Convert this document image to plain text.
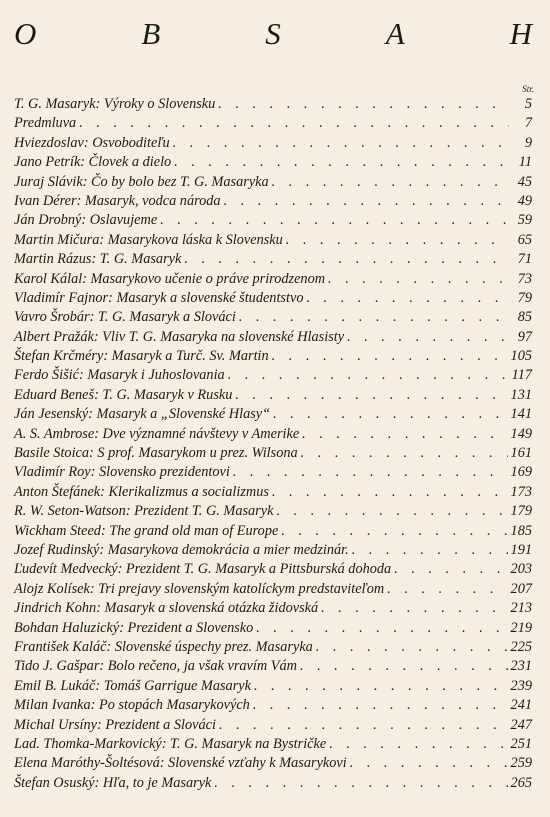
O	B	S	A	H
Str.
T. G. Masaryk: Výroky o Slovensku . . .	5
Predmluva . . .	7
Hviezdoslav: Osvoboditeľu . . .	9
Jano Petrík: Človek a dielo . . .	11
Juraj Slávik: Čo by bolo bez T. G. Masaryka . . .	45
Ivan Dérer: Masaryk, vodca národa . . .	49
Ján Drobný: Oslavujeme . . .	59
Martin Mičura: Masarykova láska k Slovensku . . .	65
Martin Rázus: T. G. Masaryk . . .	71
Karol Kálal: Masarykovo učenie o práve prirodzenom . . .	73
Vladimír Fajnor: Masaryk a slovenské študentstvo . . .	79
Vavro Šrobár: T. G. Masaryk a Slováci . . .	85
Albert Pražák: Vliv T. G. Masaryka na slovenské Hlasisty . . .	97
Štefan Krčméry: Masaryk a Turč. Sv. Martin . . .	105
Ferdo Šišić: Masaryk i Juhoslovania . . .	117
Eduard Beneš: T. G. Masaryk v Rusku . . .	131
Ján Jesenský: Masaryk a „Slovenské Hlasy“ . . .	141
A. S. Ambrose: Dve významné návštevy v Amerike . . .	149
Basile Stoica: S prof. Masarykom u prez. Wilsona . . .	161
Vladimír Roy: Slovensko prezidentovi . . .	169
Anton Štefánek: Klerikalizmus a socializmus . . .	173
R. W. Seton-Watson: Prezident T. G. Masaryk . . .	179
Wickham Steed: The grand old man of Europe . . .	185
Jozef Rudinský: Masarykova demokrácia a mier medzinár. . . .	191
Ľudevít Medvecký: Prezident T. G. Masaryk a Pittsburská dohoda . . .	203
Alojz Kolísek: Tri prejavy slovenským katolíckym predstaviteľom . . .	207
Jindrich Kohn: Masaryk a slovenská otázka židovská . . .	213
Bohdan Haluzický: Prezident a Slovensko . . .	219
František Kaláč: Slovenské úspechy prez. Masaryka . . .	225
Tido J. Gašpar: Bolo rečeno, ja však vravím Vám . . .	231
Emil B. Lukáč: Tomáš Garrigue Masaryk . . .	239
Milan Ivanka: Po stopách Masarykových . . .	241
Michal Ursíny: Prezident a Slováci . . .	247
Lad. Thomka-Markovický: T. G. Masaryk na Bystričke . . .	251
Elena Maróthy-Šoltésová: Slovenské vzťahy k Masarykovi . . .	259
Štefan Osuský: Hľa, to je Masaryk . . .	265
